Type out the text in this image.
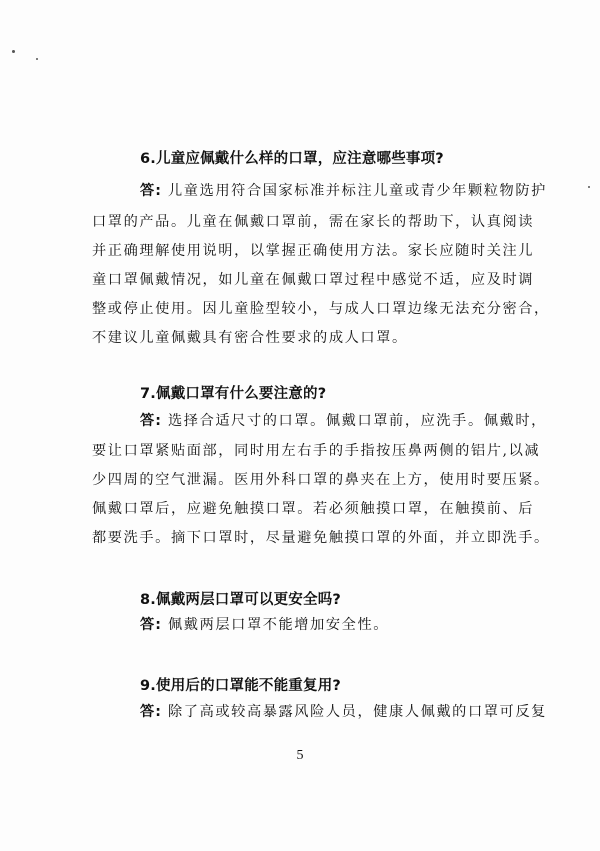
6.儿童应佩戴什么样的口罩，应注意哪些事项?
答: 儿童选用符合国家标准并标注儿童或青少年颗粒物防护
口罩的产品。儿童在佩戴口罩前，需在家长的帮助下，认真阅读
并正确理解使用说明，以掌握正确使用方法。家长应随时关注儿
童口罩佩戴情况，如儿童在佩戴口罩过程中感觉不适，应及时调
整或停止使用。因儿童脸型较小，与成人口罩边缘无法充分密合，
不建议儿童佩戴具有密合性要求的成人口罩。
7.佩戴口罩有什么要注意的?
答: 选择合适尺寸的口罩。佩戴口罩前，应洗手。佩戴时，
要让口罩紧贴面部，同时用左右手的手指按压鼻两侧的铝片,以减
少四周的空气泄漏。医用外科口罩的鼻夹在上方，使用时要压紧。
佩戴口罩后，应避免触摸口罩。若必须触摸口罩，在触摸前、后
都要洗手。摘下口罩时，尽量避免触摸口罩的外面，并立即洗手。
8.佩戴两层口罩可以更安全吗?
答: 佩戴两层口罩不能增加安全性。
9.使用后的口罩能不能重复用?
答: 除了高或较高暴露风险人员，健康人佩戴的口罩可反复
5
